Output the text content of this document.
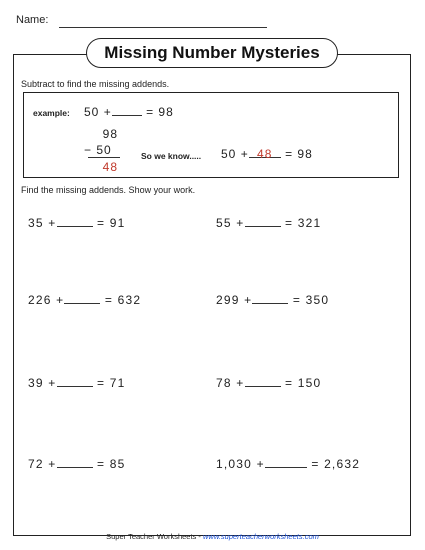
Name:
Missing Number Mysteries
Subtract to find the missing addends.
example: 50 +	= 98
98
− 50
48
So we know..... 50 + 48 = 98
Find the missing addends. Show your work.
35 +	= 91	55 +	= 321
226 +	= 632	299 +	= 350
39 +	= 71	78 +	= 150
72 +	= 85	1,030 +	= 2,632
Super Teacher Worksheets - www.superteacherworksheets.com
